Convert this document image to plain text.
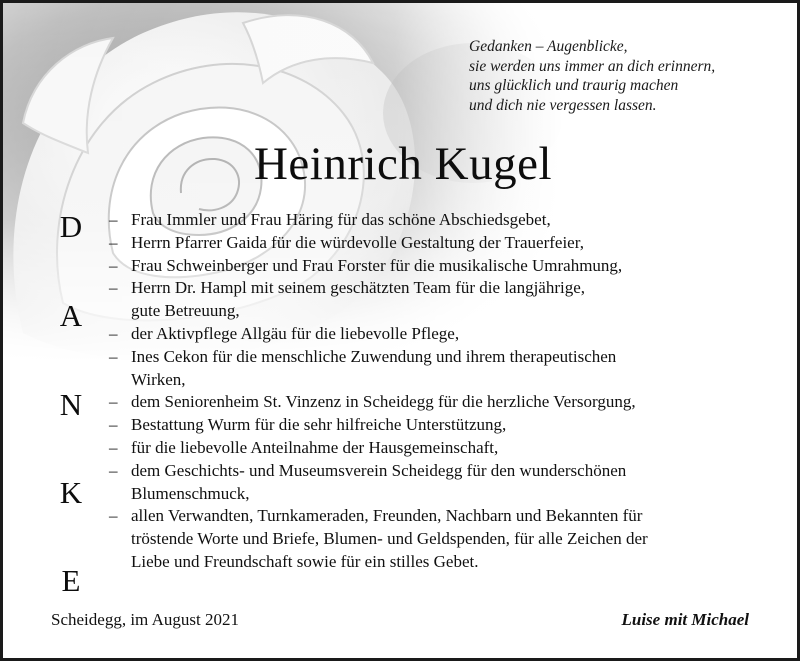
Gedanken – Augenblicke,
sie werden uns immer an dich erinnern,
uns glücklich und traurig machen
und dich nie vergessen lassen.
Heinrich Kugel
D
A
N
K
E
– Frau Immler und Frau Häring für das schöne Abschiedsgebet,
– Herrn Pfarrer Gaida für die würdevolle Gestaltung der Trauerfeier,
– Frau Schweinberger und Frau Forster für die musikalische Umrahmung,
– Herrn Dr. Hampl mit seinem geschätzten Team für die langjährige,
gute Betreuung,
– der Aktivpflege Allgäu für die liebevolle Pflege,
– Ines Cekon für die menschliche Zuwendung und ihrem therapeutischen
Wirken,
– dem Seniorenheim St. Vinzenz in Scheidegg für die herzliche Versorgung,
– Bestattung Wurm für die sehr hilfreiche Unterstützung,
– für die liebevolle Anteilnahme der Hausgemeinschaft,
– dem Geschichts- und Museumsverein Scheidegg für den wunderschönen
Blumenschmuck,
– allen Verwandten, Turnkameraden, Freunden, Nachbarn und Bekannten für
tröstende Worte und Briefe, Blumen- und Geldspenden, für alle Zeichen der
Liebe und Freundschaft sowie für ein stilles Gebet.
Scheidegg, im August 2021	Luise mit Michael
